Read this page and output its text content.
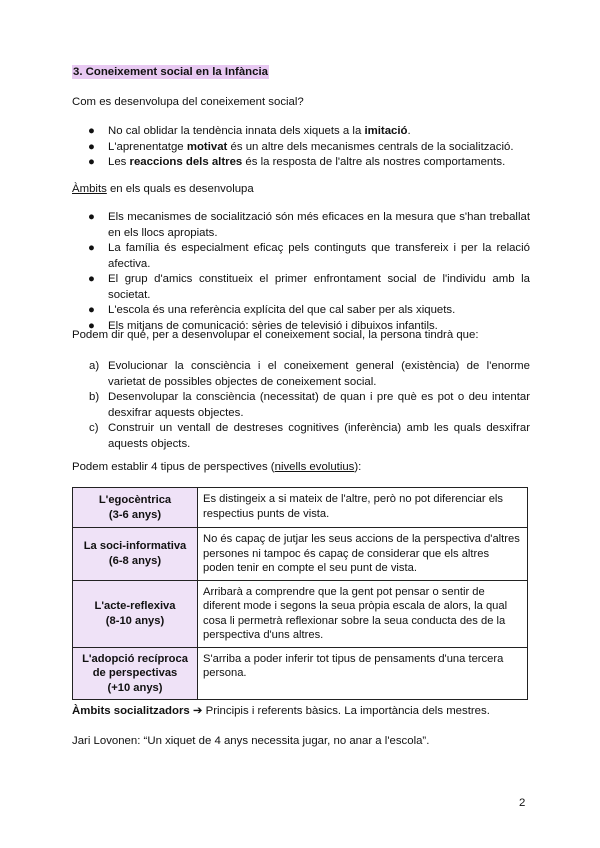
3. Coneixement social en la Infància
Com es desenvolupa del coneixement social?
● No cal oblidar la tendència innata dels xiquets a la imitació.
● L'aprenentatge motivat és un altre dels mecanismes centrals de la socialització.
● Les reaccions dels altres és la resposta de l'altre als nostres comportaments.
Àmbits en els quals es desenvolupa
● Els mecanismes de socialització són més eficaces en la mesura que s'han treballat en els llocs apropiats.
● La família és especialment eficaç pels continguts que transfereix i per la relació afectiva.
● El grup d'amics constitueix el primer enfrontament social de l'individu amb la societat.
● L'escola és una referència explícita del que cal saber per als xiquets.
● Els mitjans de comunicació: sèries de televisió i dibuixos infantils.
Podem dir que, per a desenvolupar el coneixement social, la persona tindrà que:
a) Evolucionar la consciència i el coneixement general (existència) de l'enorme varietat de possibles objectes de coneixement social.
b) Desenvolupar la consciència (necessitat) de quan i pre què es pot o deu intentar desxifrar aquests objectes.
c) Construir un ventall de destreses cognitives (inferència) amb les quals desxifrar aquests objects.
Podem establir 4 tipus de perspectives (nivells evolutius):
L'egocèntrica
(3-6 anys)	Es distingeix a si mateix de l'altre, però no pot diferenciar els respectius punts de vista.

La soci-informativa
(6-8 anys)	No és capaç de jutjar les seus accions de la perspectiva d'altres persones ni tampoc és capaç de considerar que els altres poden tenir en compte el seu punt de vista.

L'acte-reflexiva
(8-10 anys)	Arribarà a comprendre que la gent pot pensar o sentir de diferent mode i segons la seua pròpia escala de alors, la qual cosa li permetrà reflexionar sobre la seua conducta des de la perspectiva d'uns altres.

L'adopció recíproca de perspectivas
(+10 anys)	S'arriba a poder inferir tot tipus de pensaments d'una tercera persona.
Àmbits socialitzadors ➔ Principis i referents bàsics. La importància dels mestres.
Jari Lovonen: “Un xiquet de 4 anys necessita jugar, no anar a l'escola”.
2
